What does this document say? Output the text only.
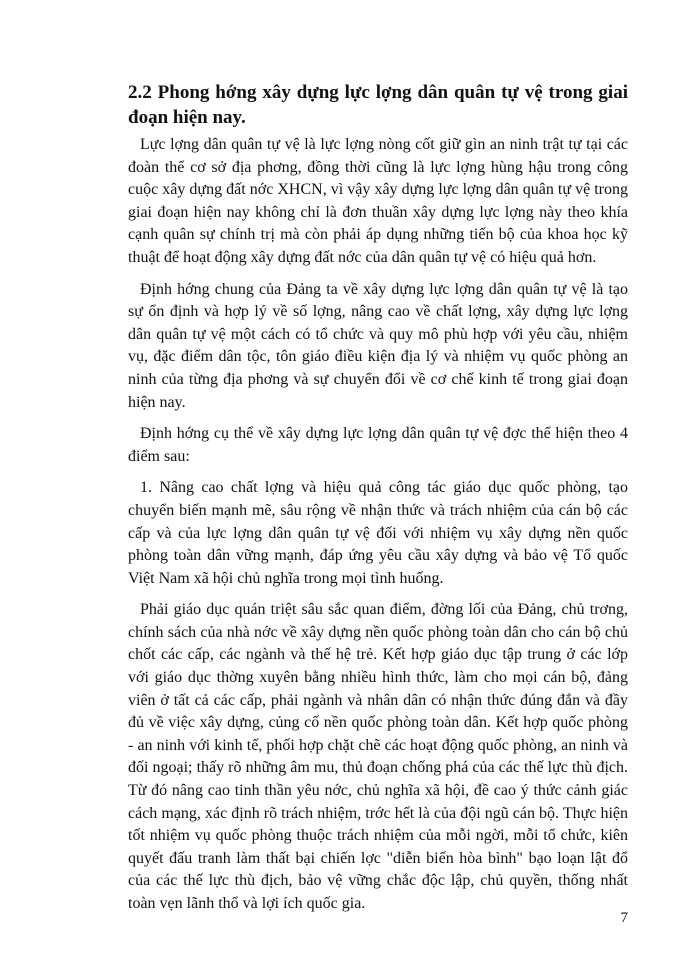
2.2 Phong hớng xây dựng lực lợng dân quân tự vệ trong giai đoạn hiện nay.

Lực lợng dân quân tự vệ là lực lợng nòng cốt giữ gìn an ninh trật tự tại các đoàn thể cơ sở địa phơng, đồng thời cũng là lực lợng hùng hậu trong công cuộc xây dựng đất nớc XHCN, vì vậy xây dựng lực lợng dân quân tự vệ trong giai đoạn hiện nay không chỉ là đơn thuần xây dựng lực lợng này theo khía cạnh quân sự chính trị mà còn phải áp dụng những tiến bộ của khoa học kỹ thuật để hoạt động xây dựng đất nớc của dân quân tự vệ có hiệu quả hơn.

Định hớng chung của Đảng ta về xây dựng lực lợng dân quân tự vệ là tạo sự ổn định và hợp lý về số lợng, nâng cao về chất lợng, xây dựng lực lợng dân quân tự vệ một cách có tổ chức và quy mô phù hợp với yêu cầu, nhiệm vụ, đặc điểm dân tộc, tôn giáo điều kiện địa lý và nhiệm vụ quốc phòng an ninh của từng địa phơng và sự chuyển đổi về cơ chế kinh tế trong giai đoạn hiện nay.

Định hớng cụ thể về xây dựng lực lợng dân quân tự vệ đợc thể hiện theo 4 điểm sau:

1. Nâng cao chất lợng và hiệu quả công tác giáo dục quốc phòng, tạo chuyển biến mạnh mẽ, sâu rộng về nhận thức và trách nhiệm của cán bộ các cấp và của lực lợng dân quân tự vệ đối với nhiệm vụ xây dựng nền quốc phòng toàn dân vững mạnh, đáp ứng yêu cầu xây dựng và bảo vệ Tổ quốc Việt Nam xã hội chủ nghĩa trong mọi tình huống.

Phải giáo dục quán triệt sâu sắc quan điểm, đờng lối của Đảng, chủ trơng, chính sách của nhà nớc về xây dựng nền quốc phòng toàn dân cho cán bộ chủ chốt các cấp, các ngành và thế hệ trẻ. Kết hợp giáo dục tập trung ở các lớp với giáo dục thờng xuyên bằng nhiều hình thức, làm cho mọi cán bộ, đảng viên ở tất cả các cấp, phải ngành và nhân dân có nhận thức đúng đắn và đầy đủ về việc xây dựng, củng cố nền quốc phòng toàn dân. Kết hợp quốc phòng - an ninh với kinh tế, phối hợp chặt chẽ các hoạt động quốc phòng, an ninh và đối ngoại; thấy rõ những âm mu, thủ đoạn chống phá của các thế lực thù địch. Từ đó nâng cao tinh thần yêu nớc, chủ nghĩa xã hội, đề cao ý thức cảnh giác cách mạng, xác định rõ trách nhiệm, trớc hết là của đội ngũ cán bộ. Thực hiện tốt nhiệm vụ quốc phòng thuộc trách nhiệm của mỗi ngời, mỗi tổ chức, kiên quyết đấu tranh làm thất bại chiến lợc "diễn biến hòa bình" bạo loạn lật đổ của các thế lực thù địch, bảo vệ vững chắc độc lập, chủ quyền, thống nhất toàn vẹn lãnh thổ và lợi ích quốc gia.

7
